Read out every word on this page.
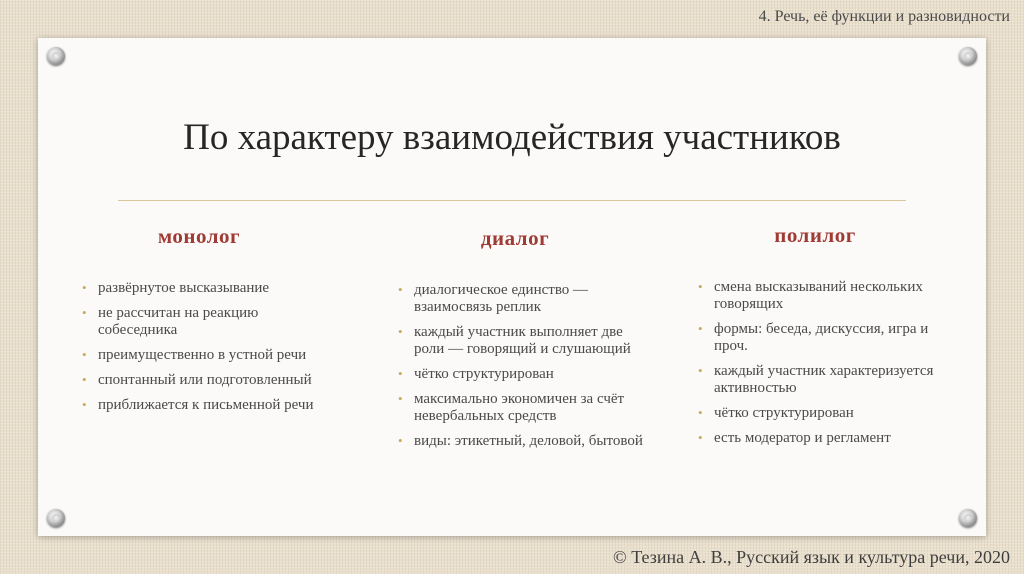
4. Речь, её функции и разновидности
По характеру взаимодействия участников
монолог
• развёрнутое высказывание
• не рассчитан на реакцию собеседника
• преимущественно в устной речи
• спонтанный или подготовленный
• приближается к письменной речи
диалог
• диалогическое единство — взаимосвязь реплик
• каждый участник выполняет две роли — говорящий и слушающий
• чётко структурирован
• максимально экономичен за счёт невербальных средств
• виды: этикетный, деловой, бытовой
полилог
• смена высказываний нескольких говорящих
• формы: беседа, дискуссия, игра и проч.
• каждый участник характеризуется активностью
• чётко структурирован
• есть модератор и регламент
© Тезина А. В., Русский язык и культура речи, 2020
